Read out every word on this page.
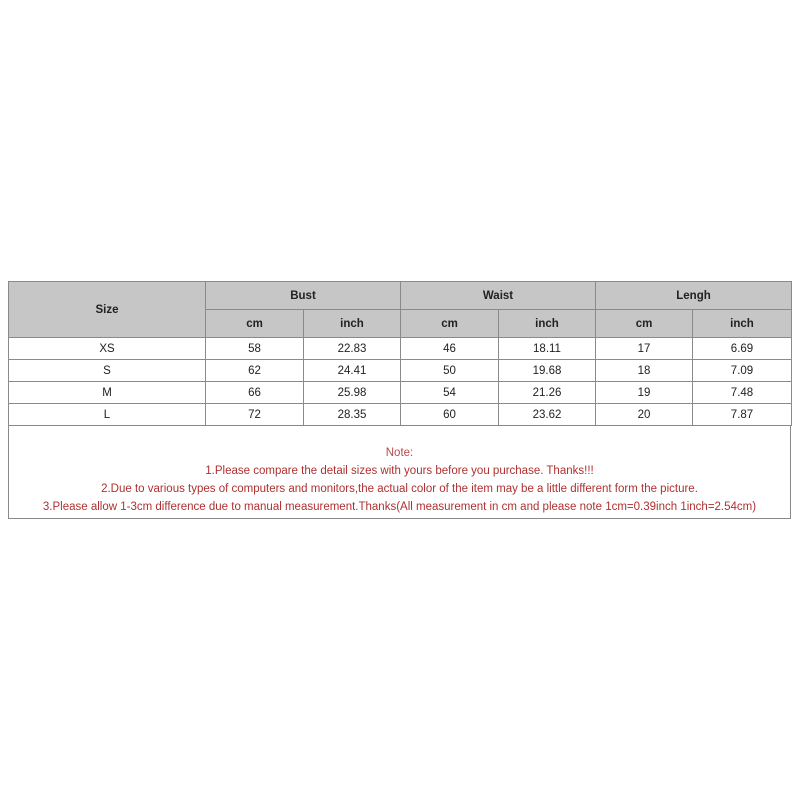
Size	Bust		Waist		Lengh	
	cm	inch	cm	inch	cm	inch
XS	58	22.83	46	18.11	17	6.69
S	62	24.41	50	19.68	18	7.09
M	66	25.98	54	21.26	19	7.48
L	72	28.35	60	23.62	20	7.87
Note:
1.Please compare the detail sizes with yours before you purchase. Thanks!!!
2.Due to various types of computers and monitors,the actual color of the item may be a little different form the picture.
3.Please allow 1-3cm difference due to manual measurement.Thanks(All measurement in cm and please note 1cm=0.39inch 1inch=2.54cm)
